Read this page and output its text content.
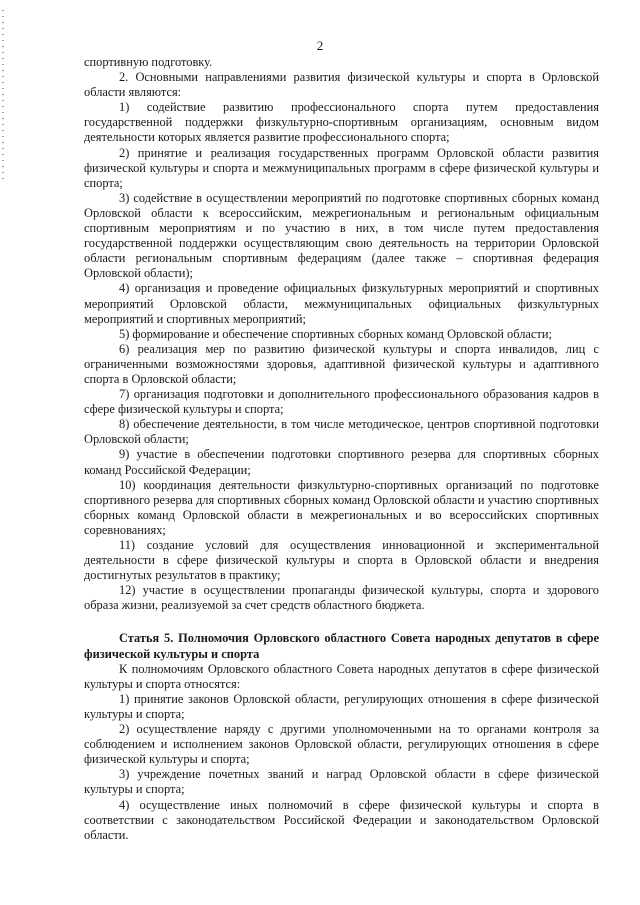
2

спортивную подготовку.

2. Основными направлениями развития физической культуры и спорта в Орловской области являются:

1) содействие развитию профессионального спорта путем предоставления государственной поддержки физкультурно-спортивным организациям, основным видом деятельности которых является развитие профессионального спорта;

2) принятие и реализация государственных программ Орловской области развития физической культуры и спорта и межмуниципальных программ в сфере физической культуры и спорта;

3) содействие в осуществлении мероприятий по подготовке спортивных сборных команд Орловской области к всероссийским, межрегиональным и региональным официальным спортивным мероприятиям и по участию в них, в том числе путем предоставления государственной поддержки осуществляющим свою деятельность на территории Орловской области региональным спортивным федерациям (далее также – спортивная федерация Орловской области);

4) организация и проведение официальных физкультурных мероприятий и спортивных мероприятий Орловской области, межмуниципальных официальных физкультурных мероприятий и спортивных мероприятий;

5) формирование и обеспечение спортивных сборных команд Орловской области;

6) реализация мер по развитию физической культуры и спорта инвалидов, лиц с ограниченными возможностями здоровья, адаптивной физической культуры и адаптивного спорта в Орловской области;

7) организация подготовки и дополнительного профессионального образования кадров в сфере физической культуры и спорта;

8) обеспечение деятельности, в том числе методическое, центров спортивной подготовки Орловской области;

9) участие в обеспечении подготовки спортивного резерва для спортивных сборных команд Российской Федерации;

10) координация деятельности физкультурно-спортивных организаций по подготовке спортивного резерва для спортивных сборных команд Орловской области и участию спортивных сборных команд Орловской области в межрегиональных и во всероссийских спортивных соревнованиях;

11) создание условий для осуществления инновационной и экспериментальной деятельности в сфере физической культуры и спорта в Орловской области и внедрения достигнутых результатов в практику;

12) участие в осуществлении пропаганды физической культуры, спорта и здорового образа жизни, реализуемой за счет средств областного бюджета.

Статья 5. Полномочия Орловского областного Совета народных депутатов в сфере физической культуры и спорта

К полномочиям Орловского областного Совета народных депутатов в сфере физической культуры и спорта относятся:

1) принятие законов Орловской области, регулирующих отношения в сфере физической культуры и спорта;

2) осуществление наряду с другими уполномоченными на то органами контроля за соблюдением и исполнением законов Орловской области, регулирующих отношения в сфере физической культуры и спорта;

3) учреждение почетных званий и наград Орловской области в сфере физической культуры и спорта;

4) осуществление иных полномочий в сфере физической культуры и спорта в соответствии с законодательством Российской Федерации и законодательством Орловской области.
